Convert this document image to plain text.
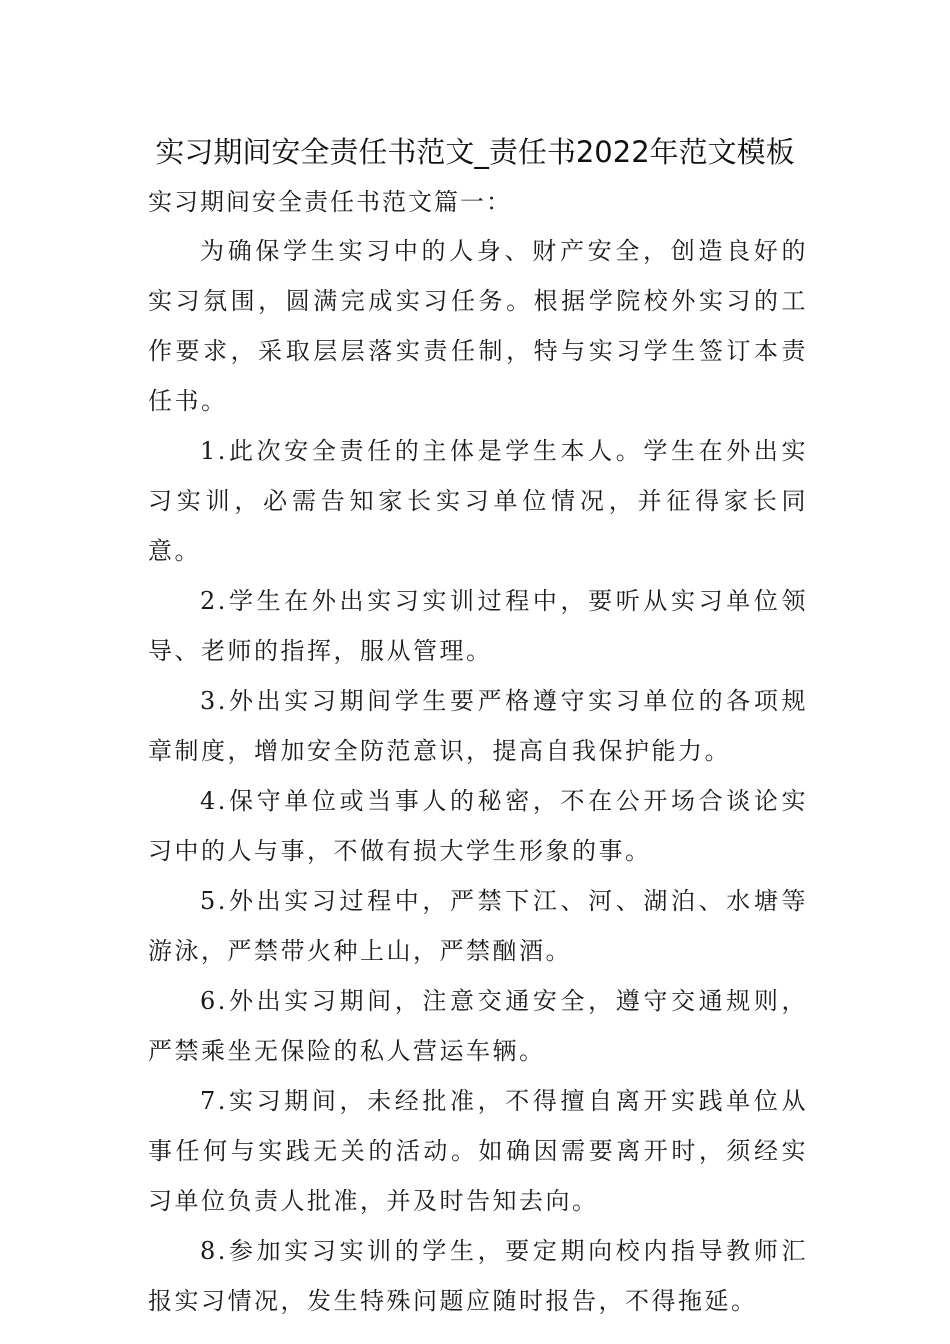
实习期间安全责任书范文_责任书2022年范文模板

实习期间安全责任书范文篇一：

为确保学生实习中的人身、财产安全，创造良好的实习氛围，圆满完成实习任务。根据学院校外实习的工作要求，采取层层落实责任制，特与实习学生签订本责任书。

1.此次安全责任的主体是学生本人。学生在外出实习实训，必需告知家长实习单位情况，并征得家长同意。

2.学生在外出实习实训过程中，要听从实习单位领导、老师的指挥，服从管理。

3.外出实习期间学生要严格遵守实习单位的各项规章制度，增加安全防范意识，提高自我保护能力。

4.保守单位或当事人的秘密，不在公开场合谈论实习中的人与事，不做有损大学生形象的事。

5.外出实习过程中，严禁下江、河、湖泊、水塘等游泳，严禁带火种上山，严禁酗酒。

6.外出实习期间，注意交通安全，遵守交通规则，严禁乘坐无保险的私人营运车辆。

7.实习期间，未经批准，不得擅自离开实践单位从事任何与实践无关的活动。如确因需要离开时，须经实习单位负责人批准，并及时告知去向。

8.参加实习实训的学生，要定期向校内指导教师汇报实习情况，发生特殊问题应随时报告，不得拖延。
